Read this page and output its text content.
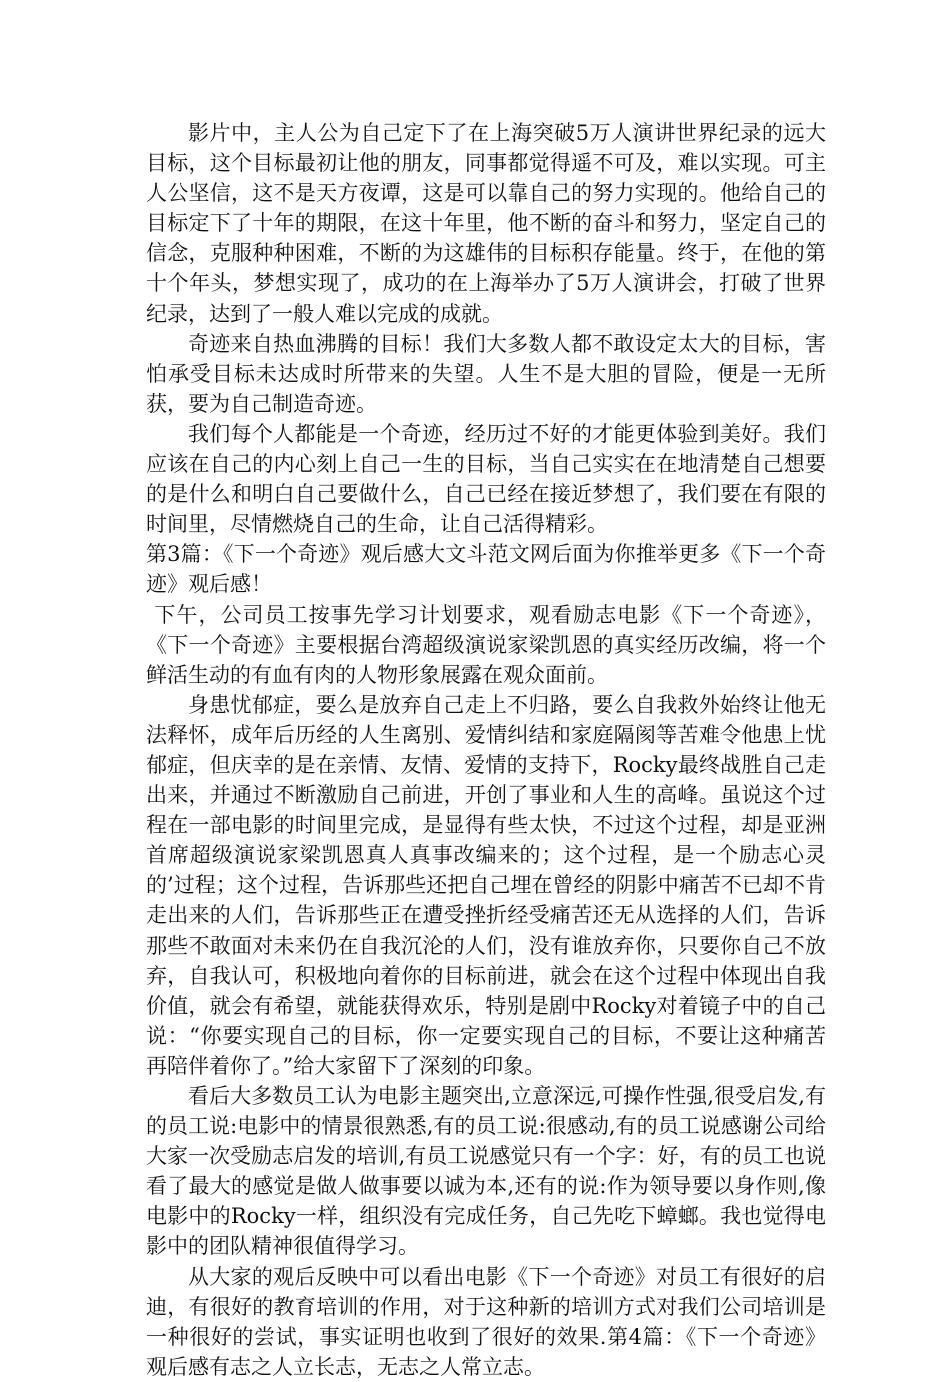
影片中，主人公为自己定下了在上海突破5万人演讲世界纪录的远大目标，这个目标最初让他的朋友，同事都觉得遥不可及，难以实现。可主人公坚信，这不是天方夜谭，这是可以靠自己的努力实现的。他给自己的目标定下了十年的期限，在这十年里，他不断的奋斗和努力，坚定自己的信念，克服种种困难，不断的为这雄伟的目标积存能量。终于，在他的第十个年头，梦想实现了，成功的在上海举办了5万人演讲会，打破了世界纪录，达到了一般人难以完成的成就。

奇迹来自热血沸腾的目标！我们大多数人都不敢设定太大的目标，害怕承受目标未达成时所带来的失望。人生不是大胆的冒险，便是一无所获，要为自己制造奇迹。

我们每个人都能是一个奇迹，经历过不好的才能更体验到美好。我们应该在自己的内心刻上自己一生的目标，当自己实实在在地清楚自己想要的是什么和明白自己要做什么，自己已经在接近梦想了，我们要在有限的时间里，尽情燃烧自己的生命，让自己活得精彩。

第3篇：《下一个奇迹》观后感大文斗范文网后面为你推举更多《下一个奇迹》观后感！

下午，公司员工按事先学习计划要求，观看励志电影《下一个奇迹》，《下一个奇迹》主要根据台湾超级演说家梁凯恩的真实经历改编，将一个鲜活生动的有血有肉的人物形象展露在观众面前。

身患忧郁症，要么是放弃自己走上不归路，要么自我救外始终让他无法释怀，成年后历经的人生离别、爱情纠结和家庭隔阂等苦难令他患上忧郁症，但庆幸的是在亲情、友情、爱情的支持下，Rocky最终战胜自己走出来，并通过不断激励自己前进，开创了事业和人生的高峰。虽说这个过程在一部电影的时间里完成，是显得有些太快，不过这个过程，却是亚洲首席超级演说家梁凯恩真人真事改编来的；这个过程，是一个励志心灵的’过程；这个过程，告诉那些还把自己埋在曾经的阴影中痛苦不已却不肯走出来的人们，告诉那些正在遭受挫折经受痛苦还无从选择的人们，告诉那些不敢面对未来仍在自我沉沦的人们，没有谁放弃你，只要你自己不放弃，自我认可，积极地向着你的目标前进，就会在这个过程中体现出自我价值，就会有希望，就能获得欢乐，特别是剧中Rocky对着镜子中的自己说：“你要实现自己的目标，你一定要实现自己的目标，不要让这种痛苦再陪伴着你了。”给大家留下了深刻的印象。

看后大多数员工认为电影主题突出,立意深远,可操作性强,很受启发,有的员工说:电影中的情景很熟悉,有的员工说:很感动,有的员工说感谢公司给大家一次受励志启发的培训,有员工说感觉只有一个字：好，有的员工也说看了最大的感觉是做人做事要以诚为本,还有的说:作为领导要以身作则,像电影中的Rocky一样，组织没有完成任务，自己先吃下蟑螂。我也觉得电影中的团队精神很值得学习。

从大家的观后反映中可以看出电影《下一个奇迹》对员工有很好的启迪，有很好的教育培训的作用，对于这种新的培训方式对我们公司培训是一种很好的尝试，事实证明也收到了很好的效果.第4篇：《下一个奇迹》观后感有志之人立长志，无志之人常立志。
